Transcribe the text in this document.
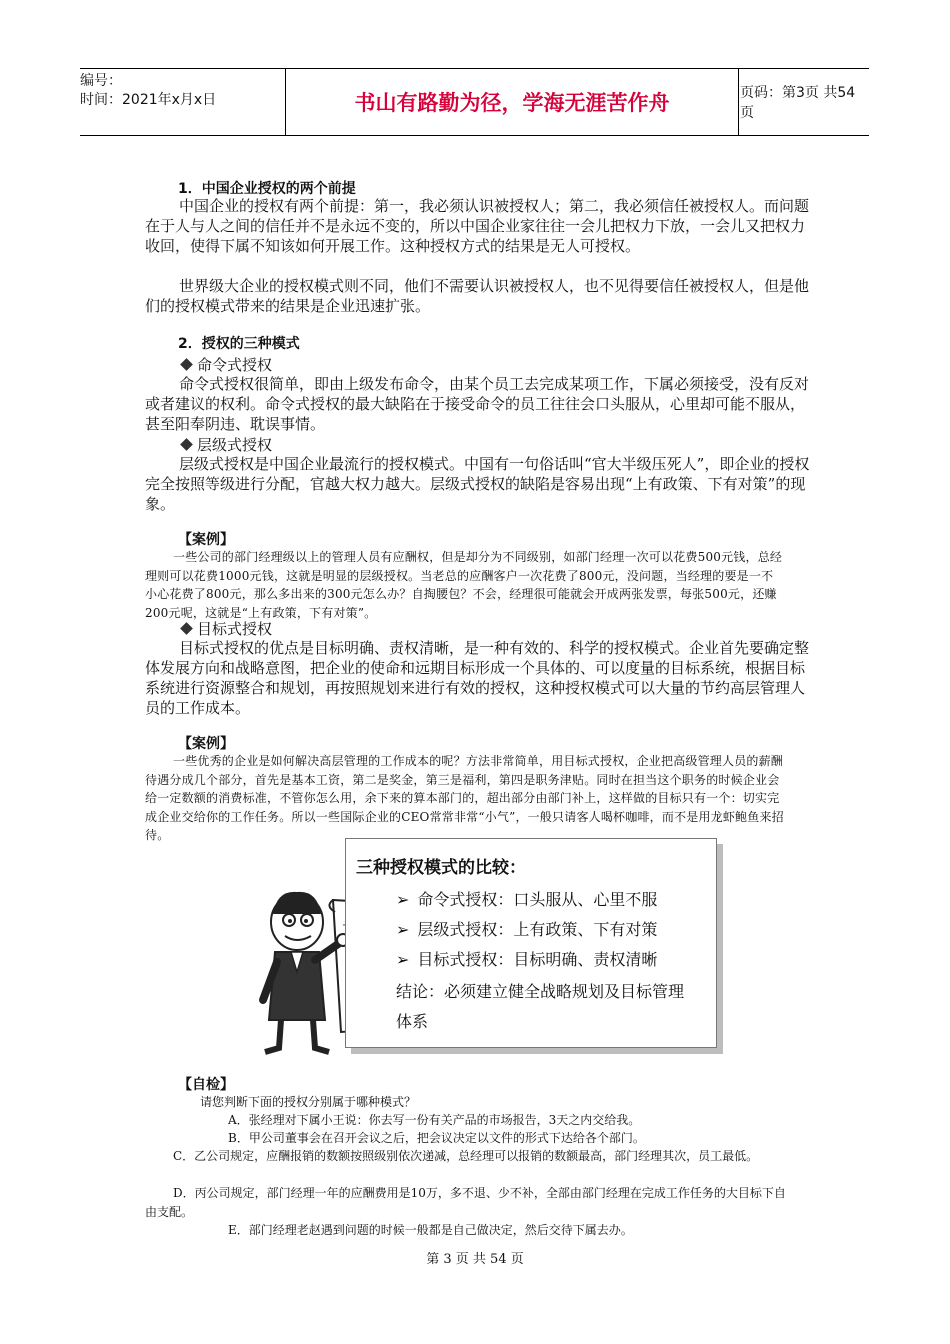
编号：
时间：2021年x月x日	书山有路勤为径，学海无涯苦作舟	页码：第3页 共54页
1．中国企业授权的两个前提
中国企业的授权有两个前提：第一，我必须认识被授权人；第二，我必须信任被授权人。而问题在于人与人之间的信任并不是永远不变的，所以中国企业家往往一会儿把权力下放，一会儿又把权力收回，使得下属不知该如何开展工作。这种授权方式的结果是无人可授权。
世界级大企业的授权模式则不同，他们不需要认识被授权人，也不见得要信任被授权人，但是他们的授权模式带来的结果是企业迅速扩张。
2．授权的三种模式
命令式授权
命令式授权很简单，即由上级发布命令，由某个员工去完成某项工作，下属必须接受，没有反对或者建议的权利。命令式授权的最大缺陷在于接受命令的员工往往会口头服从，心里却可能不服从，甚至阳奉阴违、耽误事情。
层级式授权
层级式授权是中国企业最流行的授权模式。中国有一句俗话叫“官大半级压死人”，即企业的授权完全按照等级进行分配，官越大权力越大。层级式授权的缺陷是容易出现“上有政策、下有对策”的现象。
【案例】
一些公司的部门经理级以上的管理人员有应酬权，但是却分为不同级别，如部门经理一次可以花费500元钱，总经理则可以花费1000元钱，这就是明显的层级授权。当老总的应酬客户一次花费了800元，没问题，当经理的要是一不小心花费了800元，那么多出来的300元怎么办？自掏腰包？不会，经理很可能就会开成两张发票，每张500元，还赚200元呢，这就是“上有政策，下有对策”。
目标式授权
目标式授权的优点是目标明确、责权清晰，是一种有效的、科学的授权模式。企业首先要确定整体发展方向和战略意图，把企业的使命和远期目标形成一个具体的、可以度量的目标系统，根据目标系统进行资源整合和规划，再按照规划来进行有效的授权，这种授权模式可以大量的节约高层管理人员的工作成本。
【案例】
一些优秀的企业是如何解决高层管理的工作成本的呢？方法非常简单，用目标式授权，企业把高级管理人员的薪酬待遇分成几个部分，首先是基本工资，第二是奖金，第三是福利，第四是职务津贴。同时在担当这个职务的时候企业会给一定数额的消费标准，不管你怎么用，余下来的算本部门的，超出部分由部门补上，这样做的目标只有一个：切实完成企业交给你的工作任务。所以一些国际企业的CEO常常非常“小气”，一般只请客人喝杯咖啡，而不是用龙虾鲍鱼来招待。
三种授权模式的比较：
➢ 命令式授权：口头服从、心里不服
➢ 层级式授权：上有政策、下有对策
➢ 目标式授权：目标明确、责权清晰
结论：必须建立健全战略规划及目标管理体系
【自检】
请您判断下面的授权分别属于哪种模式？
A．张经理对下属小王说：你去写一份有关产品的市场报告，3天之内交给我。
B．甲公司董事会在召开会议之后，把会议决定以文件的形式下达给各个部门。
C．乙公司规定，应酬报销的数额按照级别依次递减，总经理可以报销的数额最高，部门经理其次，员工最低。
D．丙公司规定，部门经理一年的应酬费用是10万，多不退、少不补，全部由部门经理在完成工作任务的大目标下自由支配。
E．部门经理老赵遇到问题的时候一般都是自己做决定，然后交待下属去办。
第 3 页 共 54 页
